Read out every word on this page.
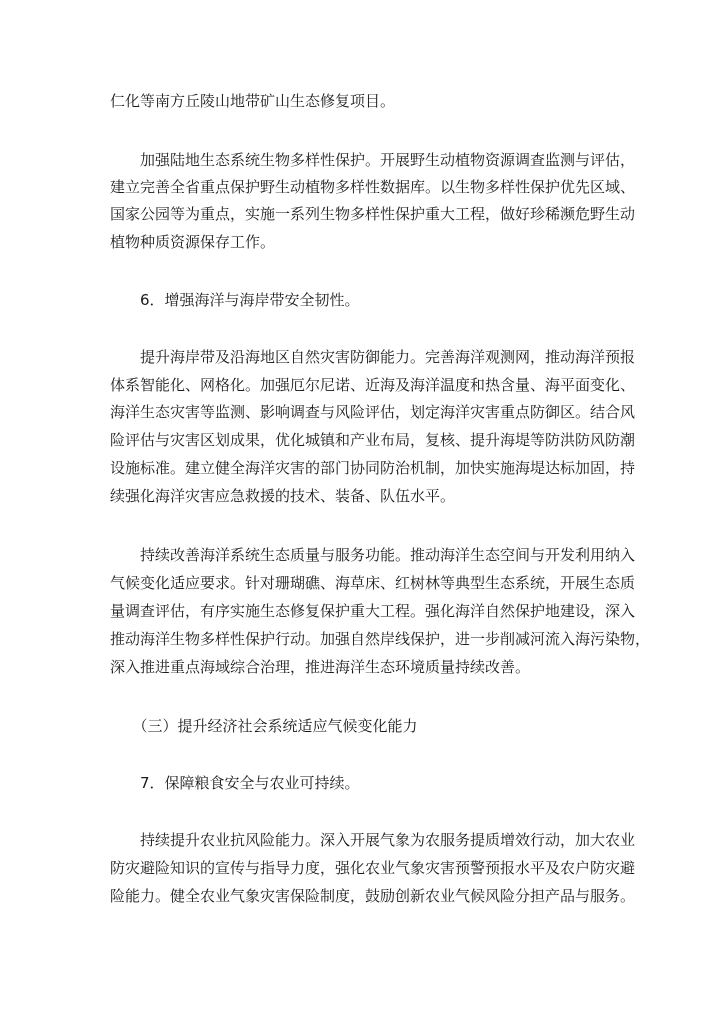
仁化等南方丘陵山地带矿山生态修复项目。

　　加强陆地生态系统生物多样性保护。开展野生动植物资源调查监测与评估，

建立完善全省重点保护野生动植物多样性数据库。以生物多样性保护优先区域、

国家公园等为重点，实施一系列生物多样性保护重大工程，做好珍稀濒危野生动

植物种质资源保存工作。

　　6．增强海洋与海岸带安全韧性。

　　提升海岸带及沿海地区自然灾害防御能力。完善海洋观测网，推动海洋预报

体系智能化、网格化。加强厄尔尼诺、近海及海洋温度和热含量、海平面变化、

海洋生态灾害等监测、影响调查与风险评估，划定海洋灾害重点防御区。结合风

险评估与灾害区划成果，优化城镇和产业布局，复核、提升海堤等防洪防风防潮

设施标准。建立健全海洋灾害的部门协同防治机制，加快实施海堤达标加固，持

续强化海洋灾害应急救援的技术、装备、队伍水平。

　　持续改善海洋系统生态质量与服务功能。推动海洋生态空间与开发利用纳入

气候变化适应要求。针对珊瑚礁、海草床、红树林等典型生态系统，开展生态质

量调查评估，有序实施生态修复保护重大工程。强化海洋自然保护地建设，深入

推动海洋生物多样性保护行动。加强自然岸线保护，进一步削减河流入海污染物，

深入推进重点海域综合治理，推进海洋生态环境质量持续改善。

　　（三）提升经济社会系统适应气候变化能力

　　7．保障粮食安全与农业可持续。

　　持续提升农业抗风险能力。深入开展气象为农服务提质增效行动，加大农业

防灾避险知识的宣传与指导力度，强化农业气象灾害预警预报水平及农户防灾避

险能力。健全农业气象灾害保险制度，鼓励创新农业气候风险分担产品与服务。
